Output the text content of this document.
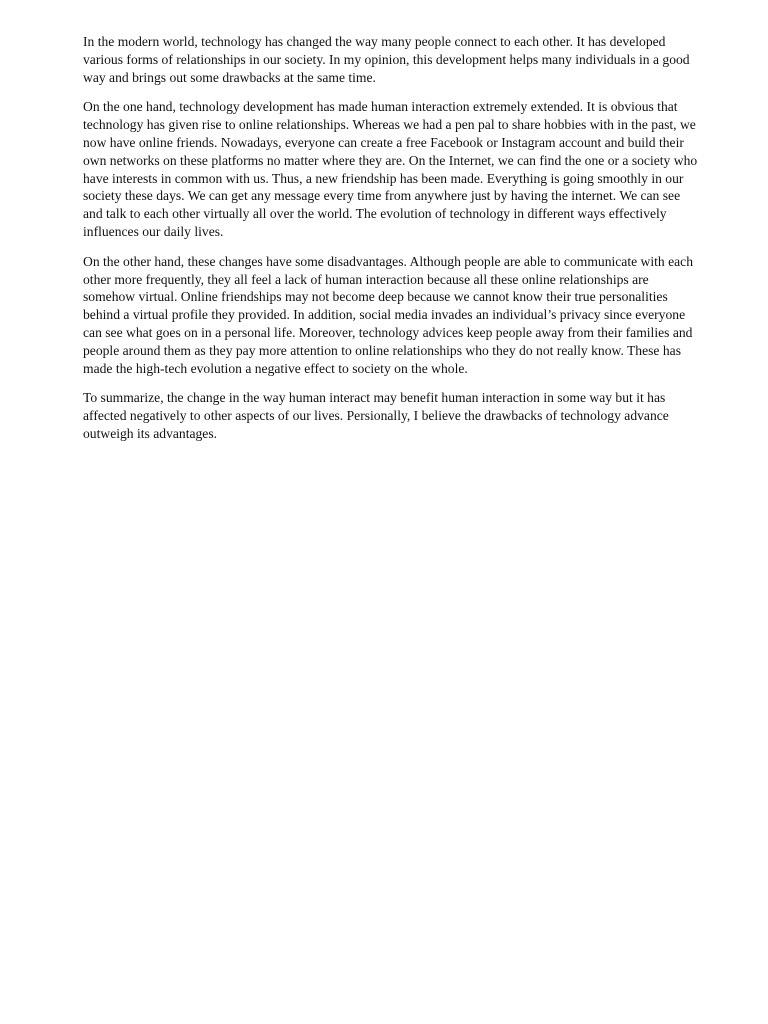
In the modern world, technology has changed the way many people connect to each other. It has developed various forms of relationships in our society. In my opinion, this development helps many individuals in a good way and brings out some drawbacks at the same time.

On the one hand, technology development has made human interaction extremely extended. It is obvious that technology has given rise to online relationships. Whereas we had a pen pal to share hobbies with in the past, we now have online friends. Nowadays, everyone can create a free Facebook or Instagram account and build their own networks on these platforms no matter where they are. On the Internet, we can find the one or a society who have interests in common with us. Thus, a new friendship has been made. Everything is going smoothly in our society these days. We can get any message every time from anywhere just by having the internet. We can see and talk to each other virtually all over the world. The evolution of technology in different ways effectively influences our daily lives.

On the other hand, these changes have some disadvantages. Although people are able to communicate with each other more frequently, they all feel a lack of human interaction because all these online relationships are somehow virtual. Online friendships may not become deep because we cannot know their true personalities behind a virtual profile they provided. In addition, social media invades an individual’s privacy since everyone can see what goes on in a personal life. Moreover, technology advices keep people away from their families and people around them as they pay more attention to online relationships who they do not really know. These has made the high-tech evolution a negative effect to society on the whole.

To summarize, the change in the way human interact may benefit human interaction in some way but it has affected negatively to other aspects of our lives. Persionally, I believe the drawbacks of technology advance outweigh its advantages.
